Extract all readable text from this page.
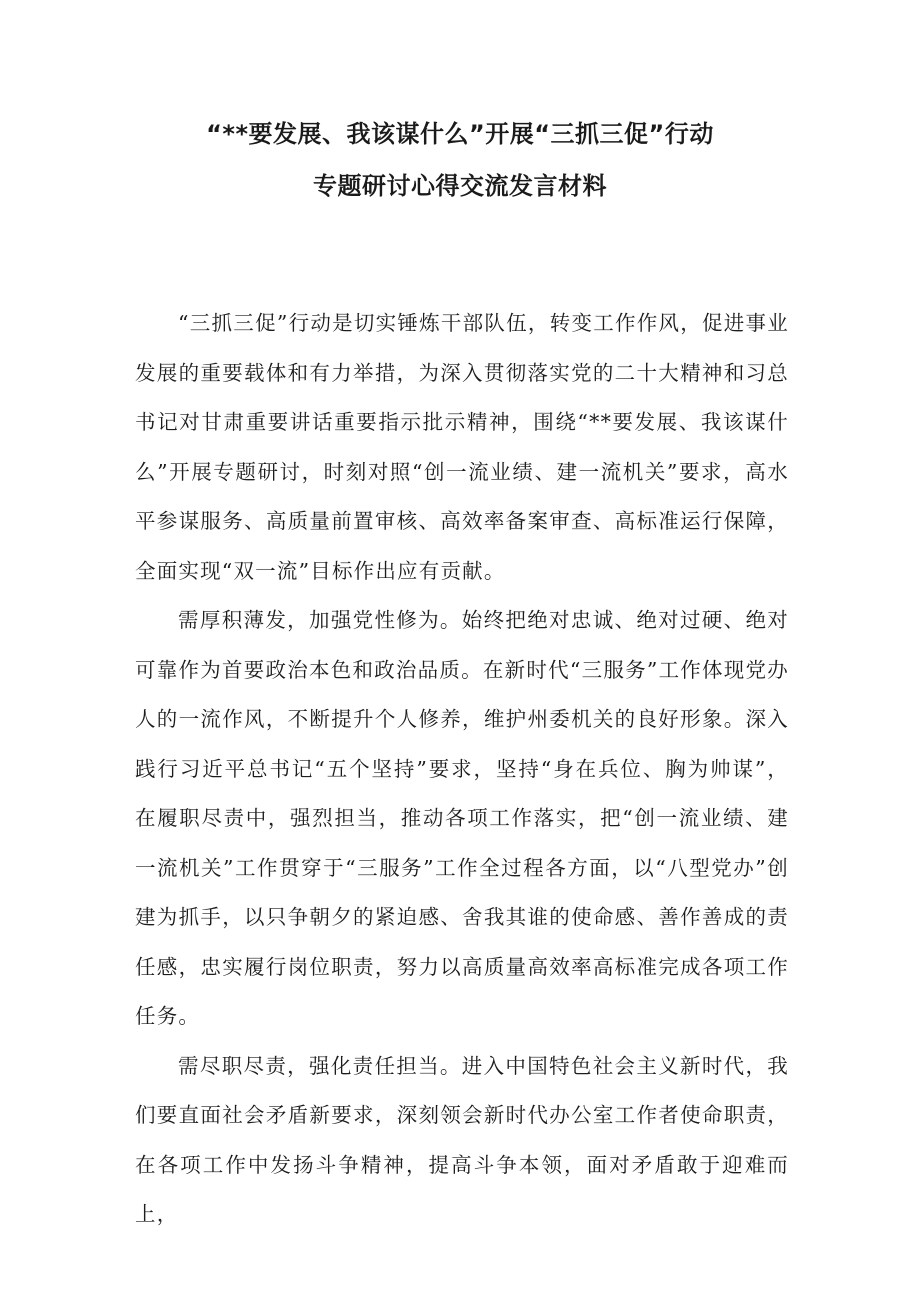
“**要发展、我该谋什么”开展“三抓三促”行动
专题研讨心得交流发言材料

“三抓三促”行动是切实锤炼干部队伍，转变工作作风，促进事业发展的重要载体和有力举措，为深入贯彻落实党的二十大精神和习总书记对甘肃重要讲话重要指示批示精神，围绕“**要发展、我该谋什么”开展专题研讨，时刻对照“创一流业绩、建一流机关”要求，高水平参谋服务、高质量前置审核、高效率备案审查、高标准运行保障，全面实现“双一流”目标作出应有贡献。

需厚积薄发，加强党性修为。始终把绝对忠诚、绝对过硬、绝对可靠作为首要政治本色和政治品质。在新时代“三服务”工作体现党办人的一流作风，不断提升个人修养，维护州委机关的良好形象。深入践行习近平总书记“五个坚持”要求，坚持“身在兵位、胸为帅谋”，在履职尽责中，强烈担当，推动各项工作落实，把“创一流业绩、建一流机关”工作贯穿于“三服务”工作全过程各方面，以“八型党办”创建为抓手，以只争朝夕的紧迫感、舍我其谁的使命感、善作善成的责任感，忠实履行岗位职责，努力以高质量高效率高标准完成各项工作任务。

需尽职尽责，强化责任担当。进入中国特色社会主义新时代，我们要直面社会矛盾新要求，深刻领会新时代办公室工作者使命职责，在各项工作中发扬斗争精神，提高斗争本领，面对矛盾敢于迎难而上，
